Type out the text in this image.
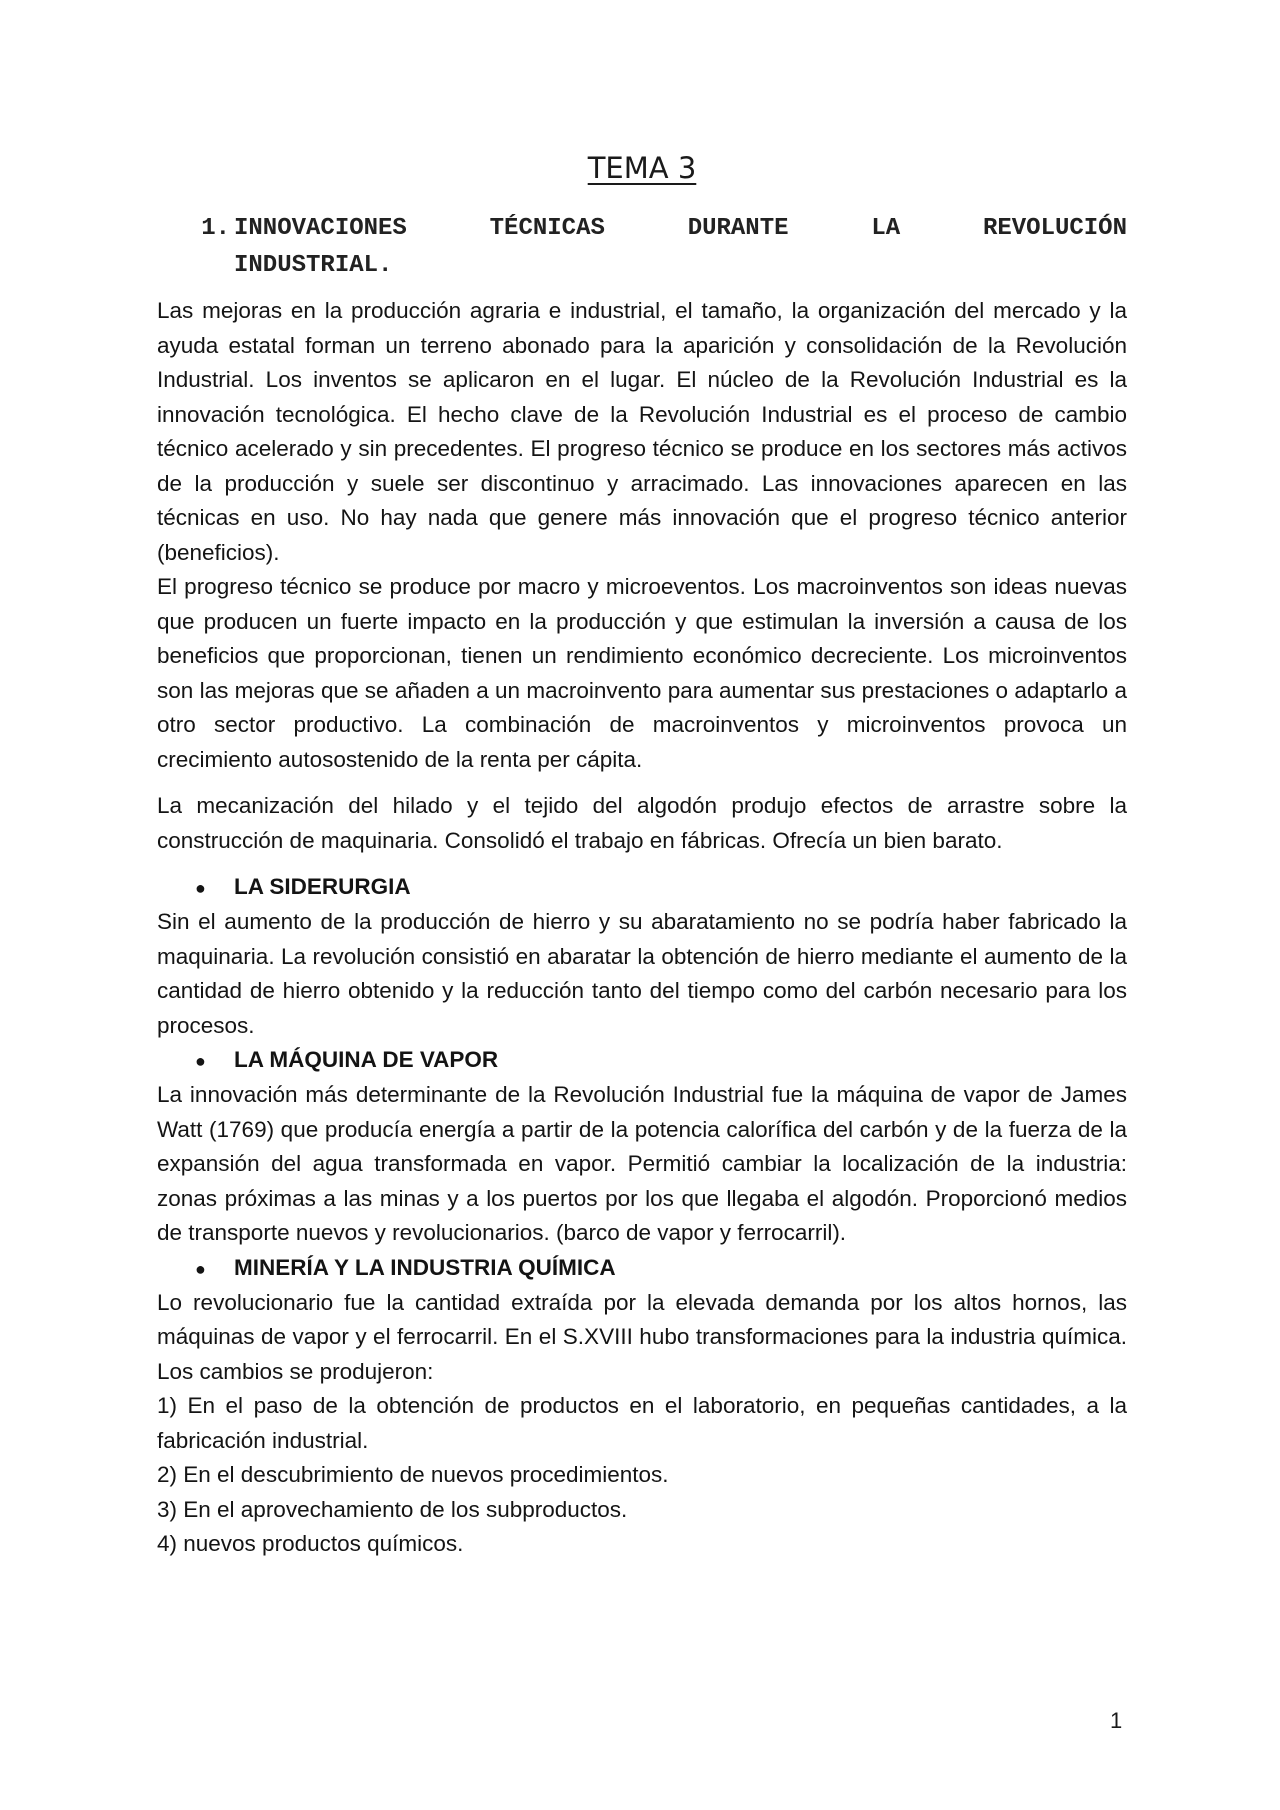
TEMA 3
1. INNOVACIONES TÉCNICAS DURANTE LA REVOLUCIÓN
INDUSTRIAL.

Las mejoras en la producción agraria e industrial, el tamaño, la organización del mercado y la ayuda estatal forman un terreno abonado para la aparición y consolidación de la Revolución Industrial. Los inventos se aplicaron en el lugar. El núcleo de la Revolución Industrial es la innovación tecnológica. El hecho clave de la Revolución Industrial es el proceso de cambio técnico acelerado y sin precedentes. El progreso técnico se produce en los sectores más activos de la producción y suele ser discontinuo y arracimado. Las innovaciones aparecen en las técnicas en uso. No hay nada que genere más innovación que el progreso técnico anterior (beneficios).

El progreso técnico se produce por macro y microeventos. Los macroinventos son ideas nuevas que producen un fuerte impacto en la producción y que estimulan la inversión a causa de los beneficios que proporcionan, tienen un rendimiento económico decreciente. Los microinventos son las mejoras que se añaden a un macroinvento para aumentar sus prestaciones o adaptarlo a otro sector productivo. La combinación de macroinventos y microinventos provoca un crecimiento autosostenido de la renta per cápita.

La mecanización del hilado y el tejido del algodón produjo efectos de arrastre sobre la construcción de maquinaria. Consolidó el trabajo en fábricas. Ofrecía un bien barato.

●	LA SIDERURGIA

Sin el aumento de la producción de hierro y su abaratamiento no se podría haber fabricado la maquinaria. La revolución consistió en abaratar la obtención de hierro mediante el aumento de la cantidad de hierro obtenido y la reducción tanto del tiempo como del carbón necesario para los procesos.

●	LA MÁQUINA DE VAPOR

La innovación más determinante de la Revolución Industrial fue la máquina de vapor de James Watt (1769) que producía energía a partir de la potencia calorífica del carbón y de la fuerza de la expansión del agua transformada en vapor. Permitió cambiar la localización de la industria: zonas próximas a las minas y a los puertos por los que llegaba el algodón. Proporcionó medios de transporte nuevos y revolucionarios. (barco de vapor y ferrocarril).

●	MINERÍA Y LA INDUSTRIA QUÍMICA

Lo revolucionario fue la cantidad extraída por la elevada demanda por los altos hornos, las máquinas de vapor y el ferrocarril. En el S.XVIII hubo transformaciones para la industria química. Los cambios se produjeron:

1) En el paso de la obtención de productos en el laboratorio, en pequeñas cantidades, a la fabricación industrial.

2) En el descubrimiento de nuevos procedimientos.

3) En el aprovechamiento de los subproductos.

4) nuevos productos químicos.

1
